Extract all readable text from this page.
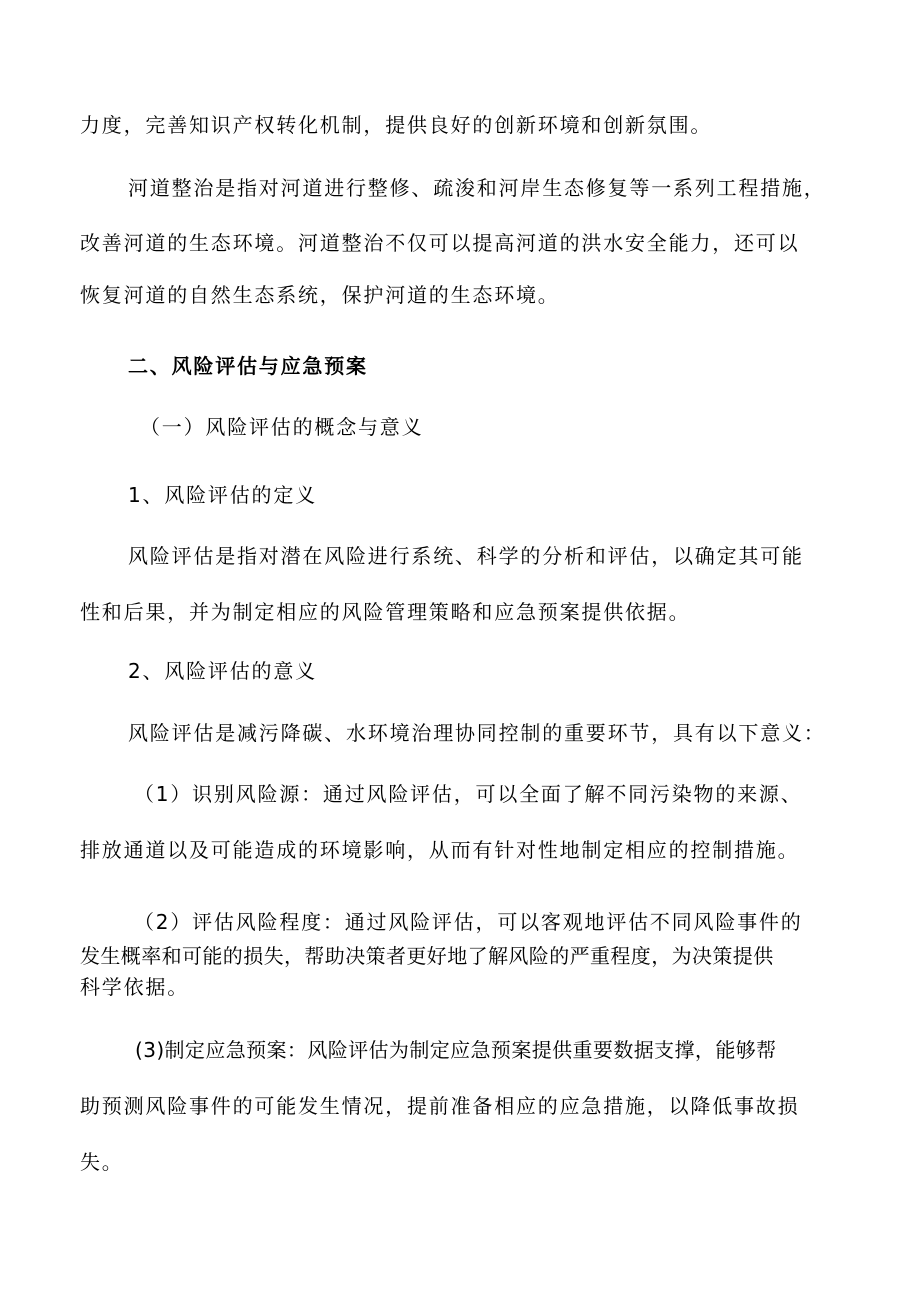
力度，完善知识产权转化机制，提供良好的创新环境和创新氛围。
河道整治是指对河道进行整修、疏浚和河岸生态修复等一系列工程措施，
改善河道的生态环境。河道整治不仅可以提高河道的洪水安全能力，还可以
恢复河道的自然生态系统，保护河道的生态环境。
二、风险评估与应急预案
（一）风险评估的概念与意义
1、风险评估的定义
风险评估是指对潜在风险进行系统、科学的分析和评估，以确定其可能
性和后果，并为制定相应的风险管理策略和应急预案提供依据。
2、风险评估的意义
风险评估是减污降碳、水环境治理协同控制的重要环节，具有以下意义：
（1）识别风险源：通过风险评估，可以全面了解不同污染物的来源、
排放通道以及可能造成的环境影响，从而有针对性地制定相应的控制措施。
（2）评估风险程度：通过风险评估，可以客观地评估不同风险事件的
发生概率和可能的损失，帮助决策者更好地了解风险的严重程度，为决策提供
科学依据。
(3)制定应急预案：风险评估为制定应急预案提供重要数据支撑，能够帮
助预测风险事件的可能发生情况，提前准备相应的应急措施，以降低事故损
失。
